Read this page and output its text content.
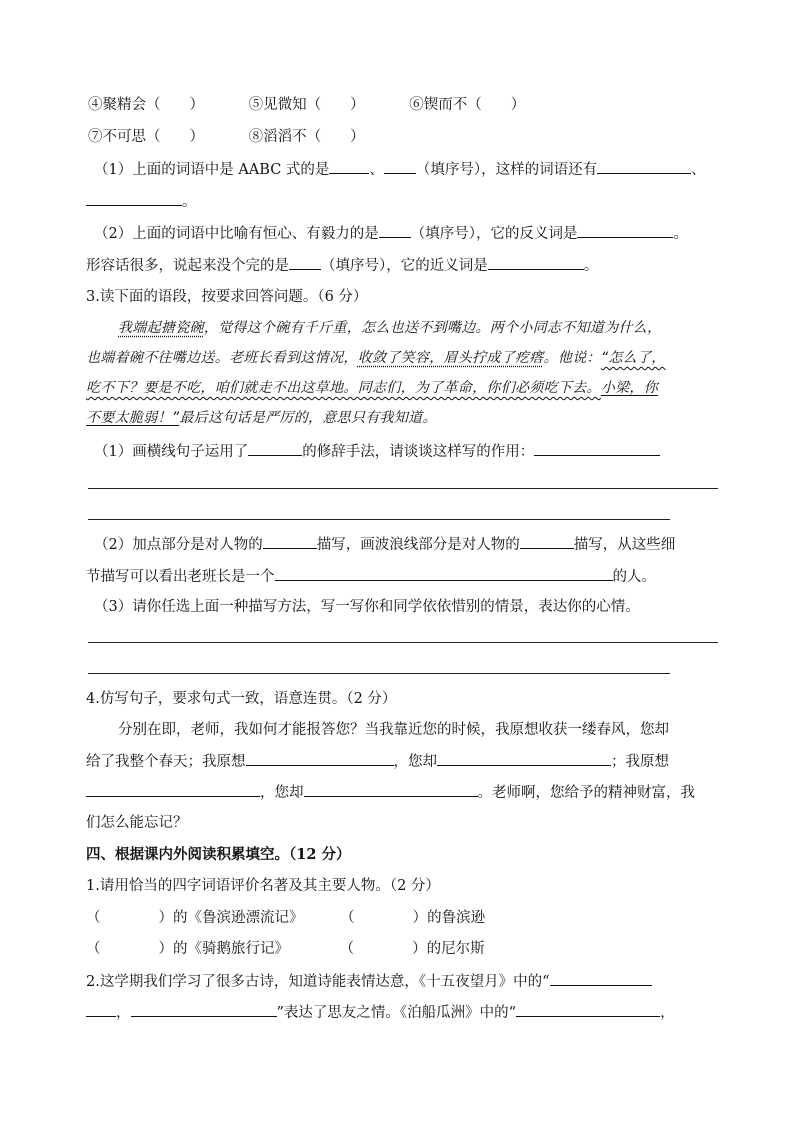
④聚精会（　　）	⑤见微知（　　）	⑥锲而不（　　）
⑦不可思（　　）	⑧滔滔不（　　）
（1）上面的词语中是 AABC 式的是	、 （填序号），这样的词语还有	、
。
（2）上面的词语中比喻有恒心、有毅力的是 （填序号），它的反义词是	。
形容话很多，说起来没个完的是 （填序号），它的近义词是	。
3.读下面的语段，按要求回答问题。（6 分）
我端起搪瓷碗，觉得这个碗有千斤重，怎么也送不到嘴边。两个小同志不知道为什么，
也端着碗不往嘴边送。老班长看到这情况，收敛了笑容，眉头拧成了疙瘩。他说：“怎么了，
吃不下？要是不吃，咱们就走不出这草地。同志们，为了革命，你们必须吃下去。小梁，你
不要太脆弱！”最后这句话是严厉的，意思只有我知道。
（1）画横线句子运用了	的修辞手法，请谈谈这样写的作用：
（2）加点部分是对人物的	描写，画波浪线部分是对人物的	描写，从这些细
节描写可以看出老班长是一个	的人。
（3）请你任选上面一种描写方法，写一写你和同学依依惜别的情景，表达你的心情。
4.仿写句子，要求句式一致，语意连贯。（2 分）
分别在即，老师，我如何才能报答您？当我靠近您的时候，我原想收获一缕春风，您却
给了我整个春天；我原想	，您却	；我原想
，您却	。老师啊，您给予的精神财富，我
们怎么能忘记？
四、根据课内外阅读积累填空。（12 分）
1.请用恰当的四字词语评价名著及其主要人物。（2 分）
（　　　　）的《鲁滨逊漂流记》	（　　　　）的鲁滨逊
（　　　　）的《骑鹅旅行记》	（　　　　）的尼尔斯
2.这学期我们学习了很多古诗，知道诗能表情达意，《十五夜望月》中的“
，	”表达了思友之情。《泊船瓜洲》中的“	，
